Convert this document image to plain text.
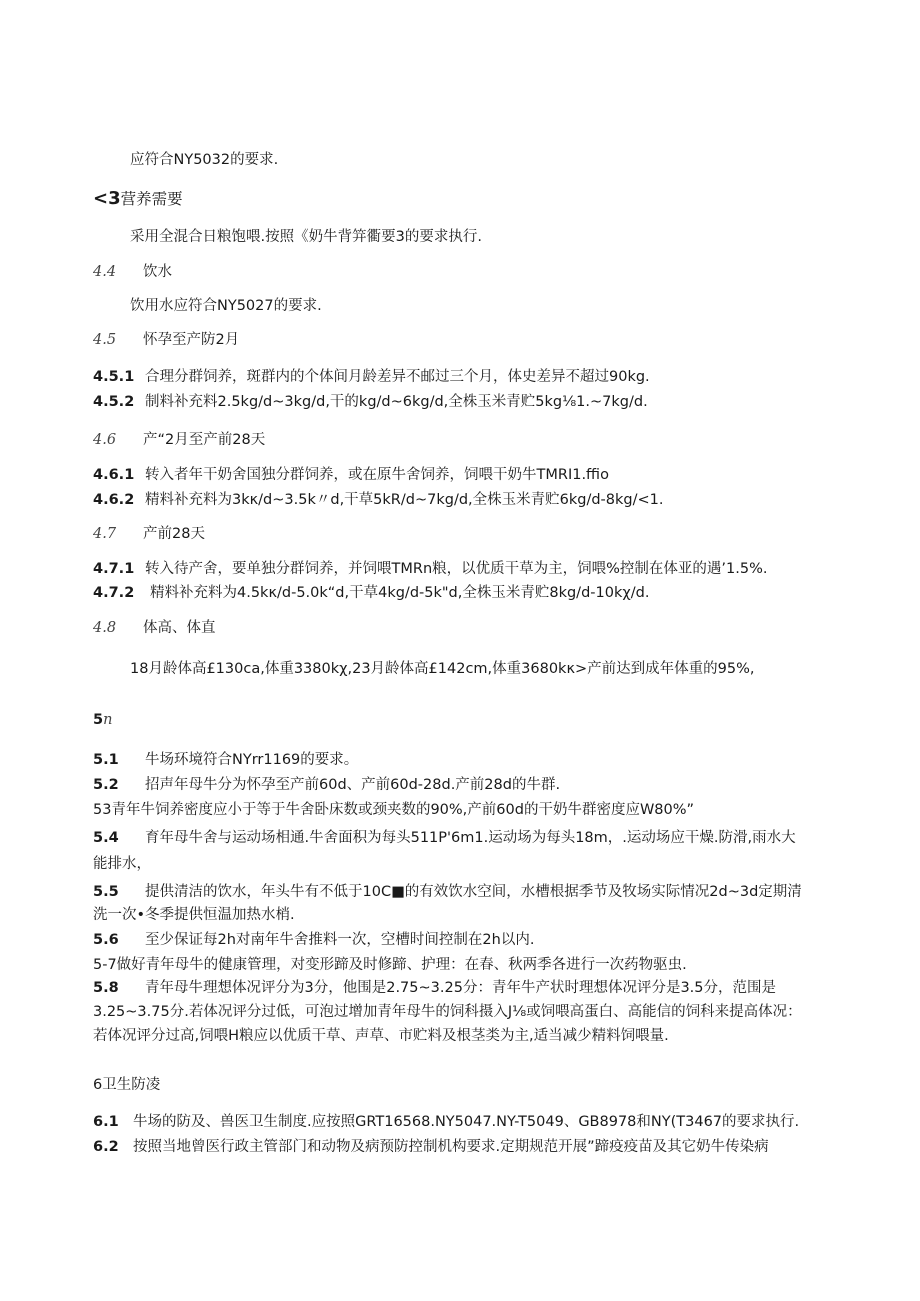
应符合NY5032的要求.
<3营养需要
采用全混合日粮饱喂.按照《奶牛背笄衢要3的要求执行.
4.4 饮水
饮用水应符合NY5027的要求.
4.5 怀孕至产防2月
4.5.1 合理分群饲养，斑群内的个体间月龄差异不邮过三个月，体史差异不超过90kg.
4.5.2 制料补充料2.5kg/d~3kg/d,干的kg/d~6kg/d,全株玉米青贮5kg⅛1.~7kg/d.
4.6 产“2月至产前28天
4.6.1 转入者年干奶舍国独分群饲养，或在原牛舍饲养，饲喂干奶牛TMRI1.ffio
4.6.2 精料补充料为3kκ/d~3.5k〃d,干草5kR/d~7kg/d,全株玉米青贮6kg/d-8kg/<1.
4.7 产前28天
4.7.1 转入待产舍，要单独分群饲养，并饲喂TMRn粮，以优质干草为主，饲喂%控制在体亚的遇’1.5%.
4.7.2 精料补充料为4.5kκ/d-5.0k“d,干草4kg/d-5k"d,全株玉米青贮8kg/d-10kχ/d.
4.8 体高、体直
18月龄体高£130ca,体重3380kχ,23月龄体高£142cm,体重3680kκ>产前达到成年体重的95%,
5n
5.1 牛场环境符合NYrr1169的要求。
5.2 招声年母牛分为怀孕至产前60d、产前60d-28d.产前28d的牛群.
53青年牛饲养密度应小于等于牛舍卧床数或颈夹数的90%,产前60d的干奶牛群密度应W80%”
5.4 育年母牛舍与运动场相通.牛舍面积为每头511P'6m1.运动场为每头18m，.运动场应干燥.防滑,雨水大
能排水，
5.5 提供清洁的饮水，年头牛有不低于10C■的有效饮水空间，水槽根据季节及牧场实际情况2d~3d定期清
洗一次•冬季提供恒温加热水梢.
5.6 至少保证每2h对南年牛舍推料一次，空槽时间控制在2h以内.
5-7做好青年母牛的健康管理，对变形蹄及时修蹄、护理：在春、秋两季各进行一次药物驱虫.
5.8 青年母牛理想体况评分为3分，他围是2.75~3.25分：青年牛产状时理想体况评分是3.5分，范围是
3.25~3.75分.若体况评分过低，可泡过增加青年母牛的饲科摄入J⅛或饲喂高蛋白、高能信的饲科来提高体况：
若体况评分过高,饲喂H粮应以优质干草、声草、市贮料及根茎类为主,适当减少精料饲喂量.
6卫生防凌
6.1 牛场的防及、兽医卫生制度.应按照GRT16568.NY5047.NY-T5049、GB8978和NY(T3467的要求执行.
6.2 按照当地曾医行政主管部门和动物及病预防控制机构要求.定期规范开展”蹄疫疫苗及其它奶牛传染病
